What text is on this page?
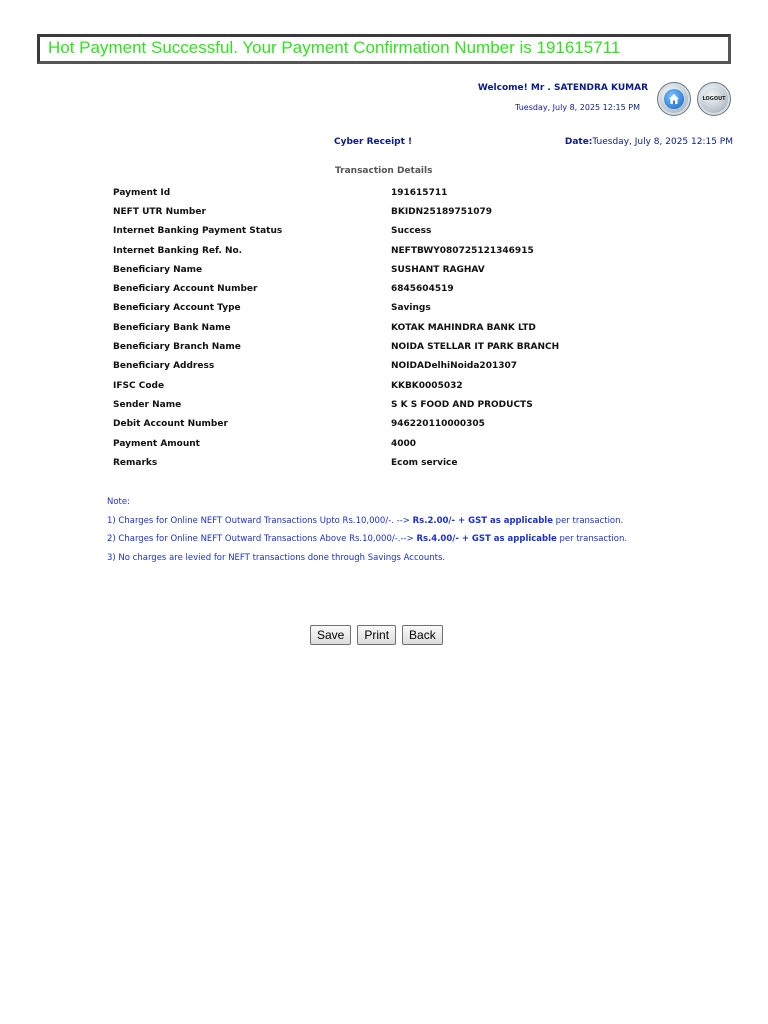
Hot Payment Successful. Your Payment Confirmation Number is 191615711
Welcome! Mr . SATENDRA KUMAR
Tuesday, July 8, 2025 12:15 PM
LOGOUT
Cyber Receipt !	Date:Tuesday, July 8, 2025 12:15 PM
Transaction Details
Payment Id	191615711
NEFT UTR Number	BKIDN25189751079
Internet Banking Payment Status	Success
Internet Banking Ref. No.	NEFTBWY080725121346915
Beneficiary Name	SUSHANT RAGHAV
Beneficiary Account Number	6845604519
Beneficiary Account Type	Savings
Beneficiary Bank Name	KOTAK MAHINDRA BANK LTD
Beneficiary Branch Name	NOIDA STELLAR IT PARK BRANCH
Beneficiary Address	NOIDADelhiNoida201307
IFSC Code	KKBK0005032
Sender Name	S K S FOOD AND PRODUCTS
Debit Account Number	946220110000305
Payment Amount	4000
Remarks	Ecom service
Note:
1) Charges for Online NEFT Outward Transactions Upto Rs.10,000/-. --> Rs.2.00/- + GST as applicable per transaction.
2) Charges for Online NEFT Outward Transactions Above Rs.10,000/-.--> Rs.4.00/- + GST as applicable per transaction.
3) No charges are levied for NEFT transactions done through Savings Accounts.
Save	Print	Back
